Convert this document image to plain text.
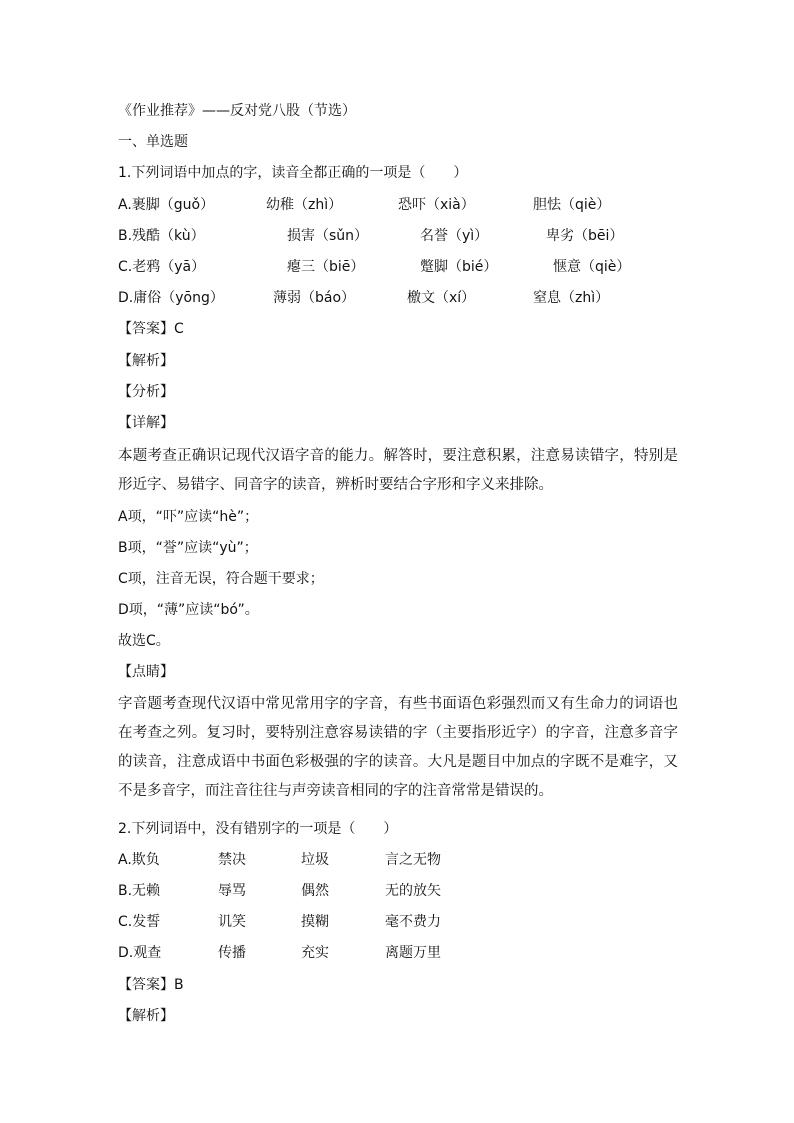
《作业推荐》——反对党八股（节选）
一、单选题
1.下列词语中加点的字，读音全都正确的一项是（　　）
A.裹脚（guǒ）	幼稚（zhì）	恐吓（xià）	胆怯（qiè）
B.残酷（kù）	损害（sǔn）	名誉（yì）	卑劣（bēi）
C.老鸦（yā）	瘪三（biē）	蹩脚（bié）	惬意（qiè）
D.庸俗（yōng）	薄弱（báo）	檄文（xí）	窒息（zhì）
【答案】C
【解析】
【分析】
【详解】
本题考查正确识记现代汉语字音的能力。解答时，要注意积累，注意易读错字，特别是形近字、易错字、同音字的读音，辨析时要结合字形和字义来排除。
A项，“吓”应读“hè”；
B项，“誉”应读“yù”；
C项，注音无误，符合题干要求；
D项，“薄”应读“bó”。
故选C。
【点睛】
字音题考查现代汉语中常见常用字的字音，有些书面语色彩强烈而又有生命力的词语也在考查之列。复习时，要特别注意容易读错的字（主要指形近字）的字音，注意多音字的读音，注意成语中书面色彩极强的字的读音。大凡是题目中加点的字既不是难字，又不是多音字，而注音往往与声旁读音相同的字的注音常常是错误的。
2.下列词语中，没有错别字的一项是（　　）
A.欺负	禁决	垃圾	言之无物
B.无赖	辱骂	偶然	无的放矢
C.发誓	讥笑	摸糊	毫不费力
D.观查	传播	充实	离题万里
【答案】B
【解析】
